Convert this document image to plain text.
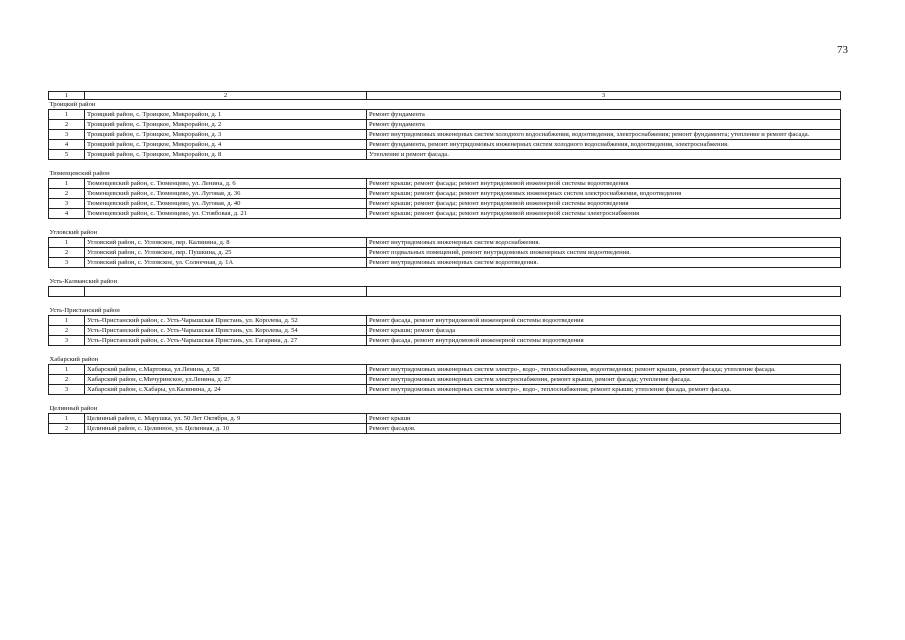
73
1	2	3
Троицкий район		
1	Троицкий район, с. Троицкое, Микрорайон, д. 1	Ремонт фундамента
2	Троицкий район, с. Троицкое, Микрорайон, д. 2	Ремонт фундамента
3	Троицкий район, с. Троицкое, Микрорайон, д. 3	Ремонт внутридомовых инженерных систем холодного водоснабжения, водоотведения, электроснабжения; ремонт фундамента; утепление и ремонт фасада.
4	Троицкий район, с. Троицкое, Микрорайон, д. 4	Ремонт фундамента, ремонт внутридомовых инженерных систем холодного водоснабжения, водоотведения, электроснабжения.
5	Троицкий район, с. Троицкое, Микрорайон, д. 8	Утепление и ремонт фасада.
Тюменцевский район		
1	Тюменцевский район, с. Тюменцево, ул. Ленина, д. 6	Ремонт крыши; ремонт фасада; ремонт внутридомовой инженерной системы водоотведения
2	Тюменцевский район, с. Тюменцево, ул. Луговая, д. 36	Ремонт крыши; ремонт фасада; ремонт внутридомовых инженерных систем электроснабжения, водоотведения
3	Тюменцевский район, с. Тюменцево, ул. Луговая, д. 40	Ремонт крыши; ремонт фасада; ремонт внутридомовой инженерной системы водоотведения
4	Тюменцевский район, с. Тюменцево, ул. Стоябовая, д. 21	Ремонт крыши; ремонт фасада; ремонт внутридомовой инженерной системы электроснабжения
Угловский район		
1	Угловский район, с. Угловское, пер. Калинина, д. 8	Ремонт внутридомовых инженерных систем водоснабжения.
2	Угловский район, с. Угловское, пер. Пушкина, д. 25	Ремонт подвальных помещений, ремонт внутридомовых инженерных систем водоотведения.
3	Угловский район, с. Угловское, ул. Солнечная, д. 1А	Ремонт внутридомовых инженерных систем водоотведения.
Усть-Калманский район		

Усть-Пристанский район		
1	Усть-Пристанский район, с. Усть-Чарышская Пристань, ул. Королева, д. 52	Ремонт фасада, ремонт внутридомовой инженерной системы водоотведения
2	Усть-Пристанский район, с. Усть-Чарышская Пристань, ул. Королева, д. 54	Ремонт крыши; ремонт фасада
3	Усть-Пристанский район, с. Усть-Чарышская Пристань, ул. Гагарина, д. 27	Ремонт фасада, ремонт внутридомовой инженерной системы водоотведения
Хабарский район		
1	Хабарский район, с.Мартовка, ул.Ленина, д. 58	Ремонт внутридомовых инженерных систем электро-, водо-, теплоснабжения, водоотведения; ремонт крыши, ремонт фасада; утепление фасада.
2	Хабарский район, с.Мичуринское, ул.Ленина, д. 27	Ремонт внутридомовых инженерных систем электроснабжения, ремонт крыши, ремонт фасада; утепление фасада.
3	Хабарский район, с.Хабары, ул.Калинина, д. 24	Ремонт внутридомовых инженерных систем электро-, водо-, теплоснабжения; ремонт крыши; утепление фасада, ремонт фасада.
Целинный район		
1	Целинный район, с. Марушка, ул. 50 Лет Октября, д. 9	Ремонт крыши
2	Целинный район, с. Целинное, ул. Целинная, д. 10	Ремонт фасадов.
